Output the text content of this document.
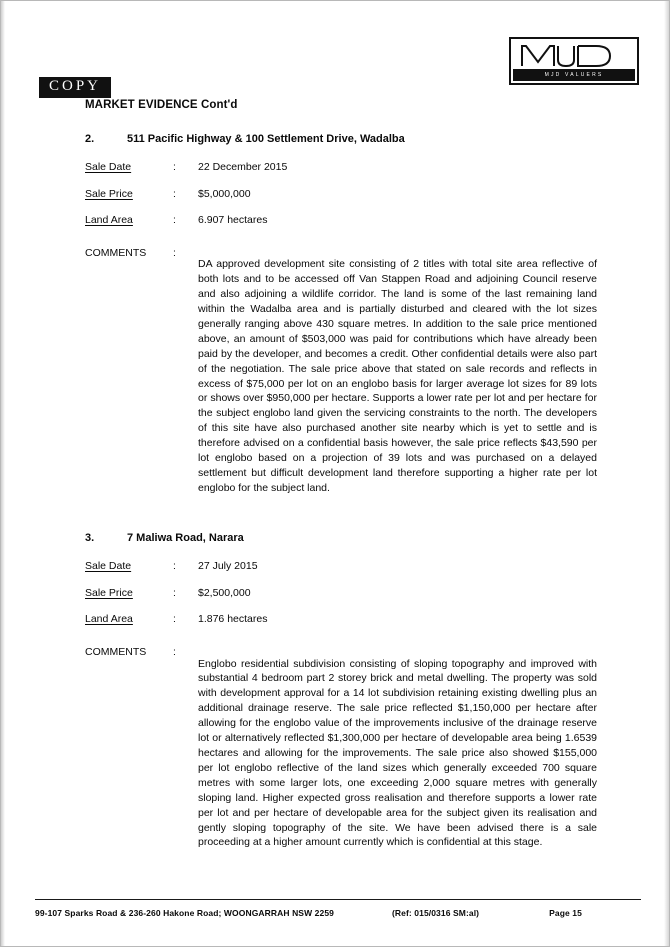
MJD VALUERS
COPY
MARKET EVIDENCE Cont'd
2.	511 Pacific Highway & 100 Settlement Drive, Wadalba
Sale Date	:	22 December 2015
Sale Price	:	$5,000,000
Land Area	:	6.907 hectares
COMMENTS	:

DA approved development site consisting of 2 titles with total site area reflective of both lots and to be accessed off Van Stappen Road and adjoining Council reserve and also adjoining a wildlife corridor. The land is some of the last remaining land within the Wadalba area and is partially disturbed and cleared with the lot sizes generally ranging above 430 square metres. In addition to the sale price mentioned above, an amount of $503,000 was paid for contributions which have already been paid by the developer, and becomes a credit. Other confidential details were also part of the negotiation. The sale price above that stated on sale records and reflects in excess of $75,000 per lot on an englobo basis for larger average lot sizes for 89 lots or shows over $950,000 per hectare. Supports a lower rate per lot and per hectare for the subject englobo land given the servicing constraints to the north. The developers of this site have also purchased another site nearby which is yet to settle and is therefore advised on a confidential basis however, the sale price reflects $43,590 per lot englobo based on a projection of 39 lots and was purchased on a delayed settlement but difficult development land therefore supporting a higher rate per lot englobo for the subject land.

3.	7 Maliwa Road, Narara
Sale Date	:	27 July 2015
Sale Price	:	$2,500,000
Land Area	:	1.876 hectares
COMMENTS	:

Englobo residential subdivision consisting of sloping topography and improved with substantial 4 bedroom part 2 storey brick and metal dwelling. The property was sold with development approval for a 14 lot subdivision retaining existing dwelling plus an additional drainage reserve. The sale price reflected $1,150,000 per hectare after allowing for the englobo value of the improvements inclusive of the drainage reserve lot or alternatively reflected $1,300,000 per hectare of developable area being 1.6539 hectares and allowing for the improvements. The sale price also showed $155,000 per lot englobo reflective of the land sizes which generally exceeded 700 square metres with some larger lots, one exceeding 2,000 square metres with generally sloping land. Higher expected gross realisation and therefore supports a lower rate per lot and per hectare of developable area for the subject given its realisation and gently sloping topography of the site. We have been advised there is a sale proceeding at a higher amount currently which is confidential at this stage.

99-107 Sparks Road & 236-260 Hakone Road; WOONGARRAH NSW 2259	(Ref: 015/0316 SM:al)	Page 15
